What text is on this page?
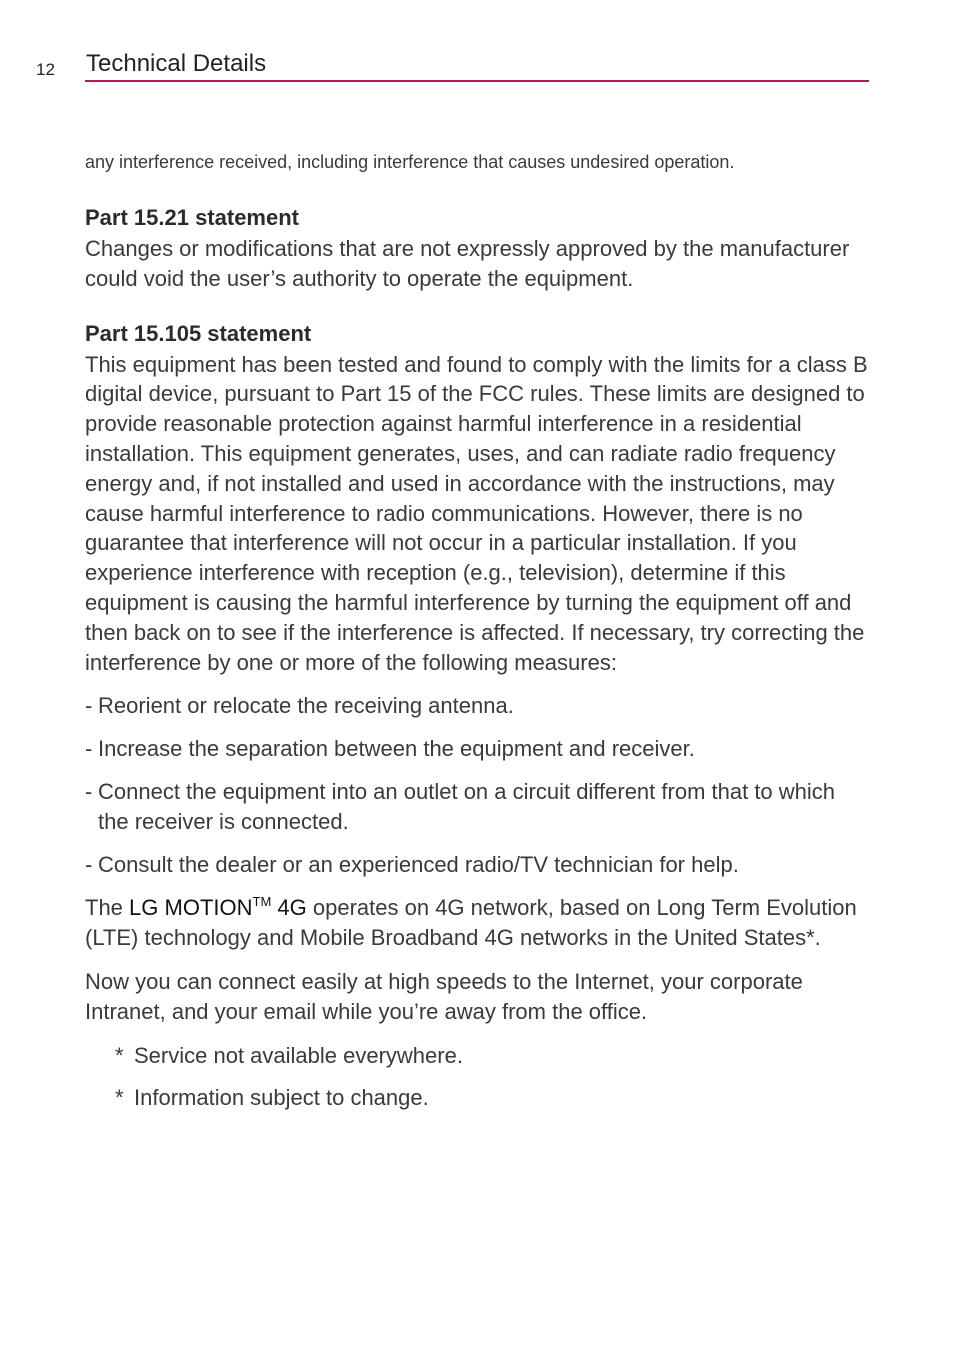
12 Technical Details

any interference received, including interference that causes undesired operation.

Part 15.21 statement

Changes or modifications that are not expressly approved by the manufacturer could void the user’s authority to operate the equipment.

Part 15.105 statement

This equipment has been tested and found to comply with the limits for a class B digital device, pursuant to Part 15 of the FCC rules. These limits are designed to provide reasonable protection against harmful interference in a residential installation. This equipment generates, uses, and can radiate radio frequency energy and, if not installed and used in accordance with the instructions, may cause harmful interference to radio communications. However, there is no guarantee that interference will not occur in a particular installation. If you experience interference with reception (e.g., television), determine if this equipment is causing the harmful interference by turning the equipment off and then back on to see if the interference is affected. If necessary, try correcting the interference by one or more of the following measures:

- Reorient or relocate the receiving antenna.
- Increase the separation between the equipment and receiver.
- Connect the equipment into an outlet on a circuit different from that to which the receiver is connected.
- Consult the dealer or an experienced radio/TV technician for help.

The LG MOTION™ 4G operates on 4G network, based on Long Term Evolution (LTE) technology and Mobile Broadband 4G networks in the United States*.

Now you can connect easily at high speeds to the Internet, your corporate Intranet, and your email while you’re away from the office.

* Service not available everywhere.
* Information subject to change.
